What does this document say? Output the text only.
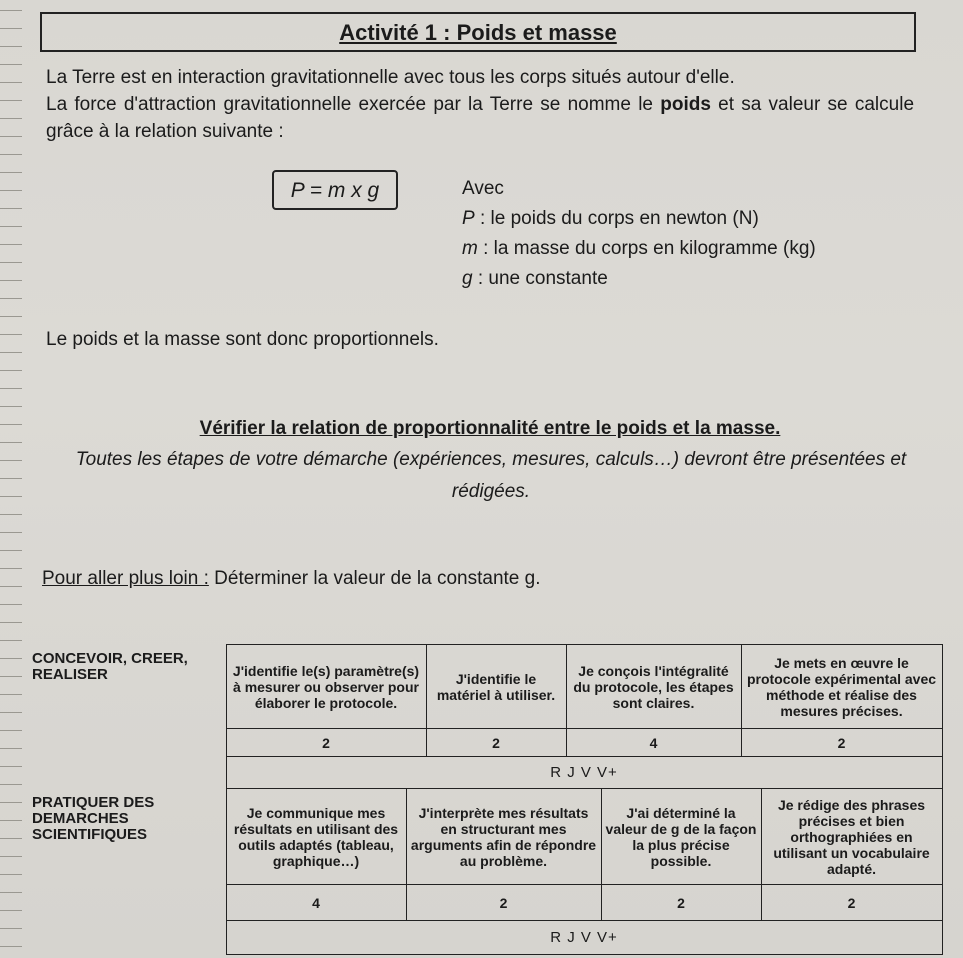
Activité 1 : Poids et masse
La Terre est en interaction gravitationnelle avec tous les corps situés autour d'elle.
La force d'attraction gravitationnelle exercée par la Terre se nomme le poids et sa valeur se calcule grâce à la relation suivante :
P = m x g	Avec
P : le poids du corps en newton (N)
m : la masse du corps en kilogramme (kg)
g : une constante
Le poids et la masse sont donc proportionnels.
Vérifier la relation de proportionnalité entre le poids et la masse.
Toutes les étapes de votre démarche (expériences, mesures, calculs…) devront être présentées et rédigées.
Pour aller plus loin : Déterminer la valeur de la constante g.
CONCEVOIR, CREER, REALISER	J'identifie le(s) paramètre(s) à mesurer ou observer pour élaborer le protocole.	J'identifie le matériel à utiliser.	Je conçois l'intégralité du protocole, les étapes sont claires.	Je mets en œuvre le protocole expérimental avec méthode et réalise des mesures précises.
	2	2	4	2
	R J V V+			
PRATIQUER DES DEMARCHES SCIENTIFIQUES	Je communique mes résultats en utilisant des outils adaptés (tableau, graphique…)	J'interprète mes résultats en structurant mes arguments afin de répondre au problème.	J'ai déterminé la valeur de g de la façon la plus précise possible.	Je rédige des phrases précises et bien orthographiées en utilisant un vocabulaire adapté.
	4	2	2	2
	R J V V+			
